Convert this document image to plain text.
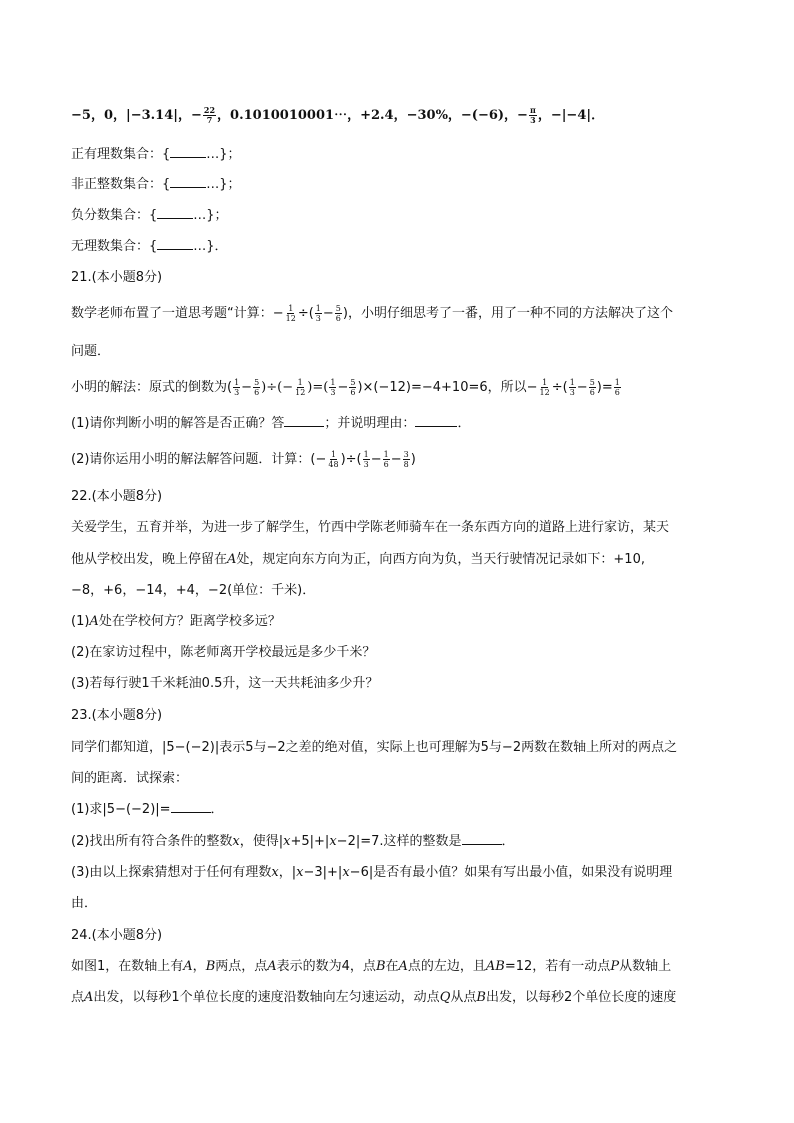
−5，0，|−3.14|，− $\frac{22}{7}$ ，0.1010010001⋯，+2.4，−30%，−(−6)，− $\frac{\pi}{3}$ ，−|−4|．
正有理数集合：{	…}；
非正整数集合：{	…}；
负分数集合：{	…}；
无理数集合：{	…}．
21.(本小题8分)
数学老师布置了一道思考题“计算：− $\frac{1}{12}$ ÷( $\frac{1}{3} - \frac{5}{6}$ )，小明仔细思考了一番，用了一种不同的方法解决了这个
问题．
小明的解法：原式的倒数为( $\frac{1}{3} - \frac{5}{6}$ )÷(− $\frac{1}{12}$ )=( $\frac{1}{3} - \frac{5}{6} )\times(-12)=-4+10=6$，所以− $\frac{1}{12}$ ÷( $\frac{1}{3} - \frac{5}{6}$ )= $\frac{1}{6}$
(1)请你判断小明的解答是否正确？答	；并说明理由：	．
(2)请你运用小明的解法解答问题．计算：(− $\frac{1}{48}$ )÷( $\frac{1}{3} - \frac{1}{6} - \frac{3}{8}$ )
22.(本小题8分)
关爱学生，五育并举，为进一步了解学生，竹西中学陈老师骑车在一条东西方向的道路上进行家访，某天
他从学校出发，晚上停留在A处，规定向东方向为正，向西方向为负，当天行驶情况记录如下：+10,
−8，+6，−14，+4，−2(单位：千米)．
(1)A处在学校何方？距离学校多远？
(2)在家访过程中，陈老师离开学校最远是多少千米？
(3)若每行驶1千米耗油0.5升，这一天共耗油多少升？
23.(本小题8分)
同学们都知道，|5−(−2)|表示5与−2之差的绝对值，实际上也可理解为5与−2两数在数轴上所对的两点之
间的距离．试探索：
(1)求|5−(−2)|=	．
(2)找出所有符合条件的整数x，使得|x+5|+|x−2|=7.这样的整数是	．
(3)由以上探索猜想对于任何有理数x，|x−3|+|x−6|是否有最小值？如果有写出最小值，如果没有说明理
由．
24.(本小题8分)
如图1，在数轴上有A，B两点，点A表示的数为4，点B在A点的左边，且AB=12，若有一动点P从数轴上
点A出发，以每秒1个单位长度的速度沿数轴向左匀速运动，动点Q从点B出发，以每秒2个单位长度的速度
